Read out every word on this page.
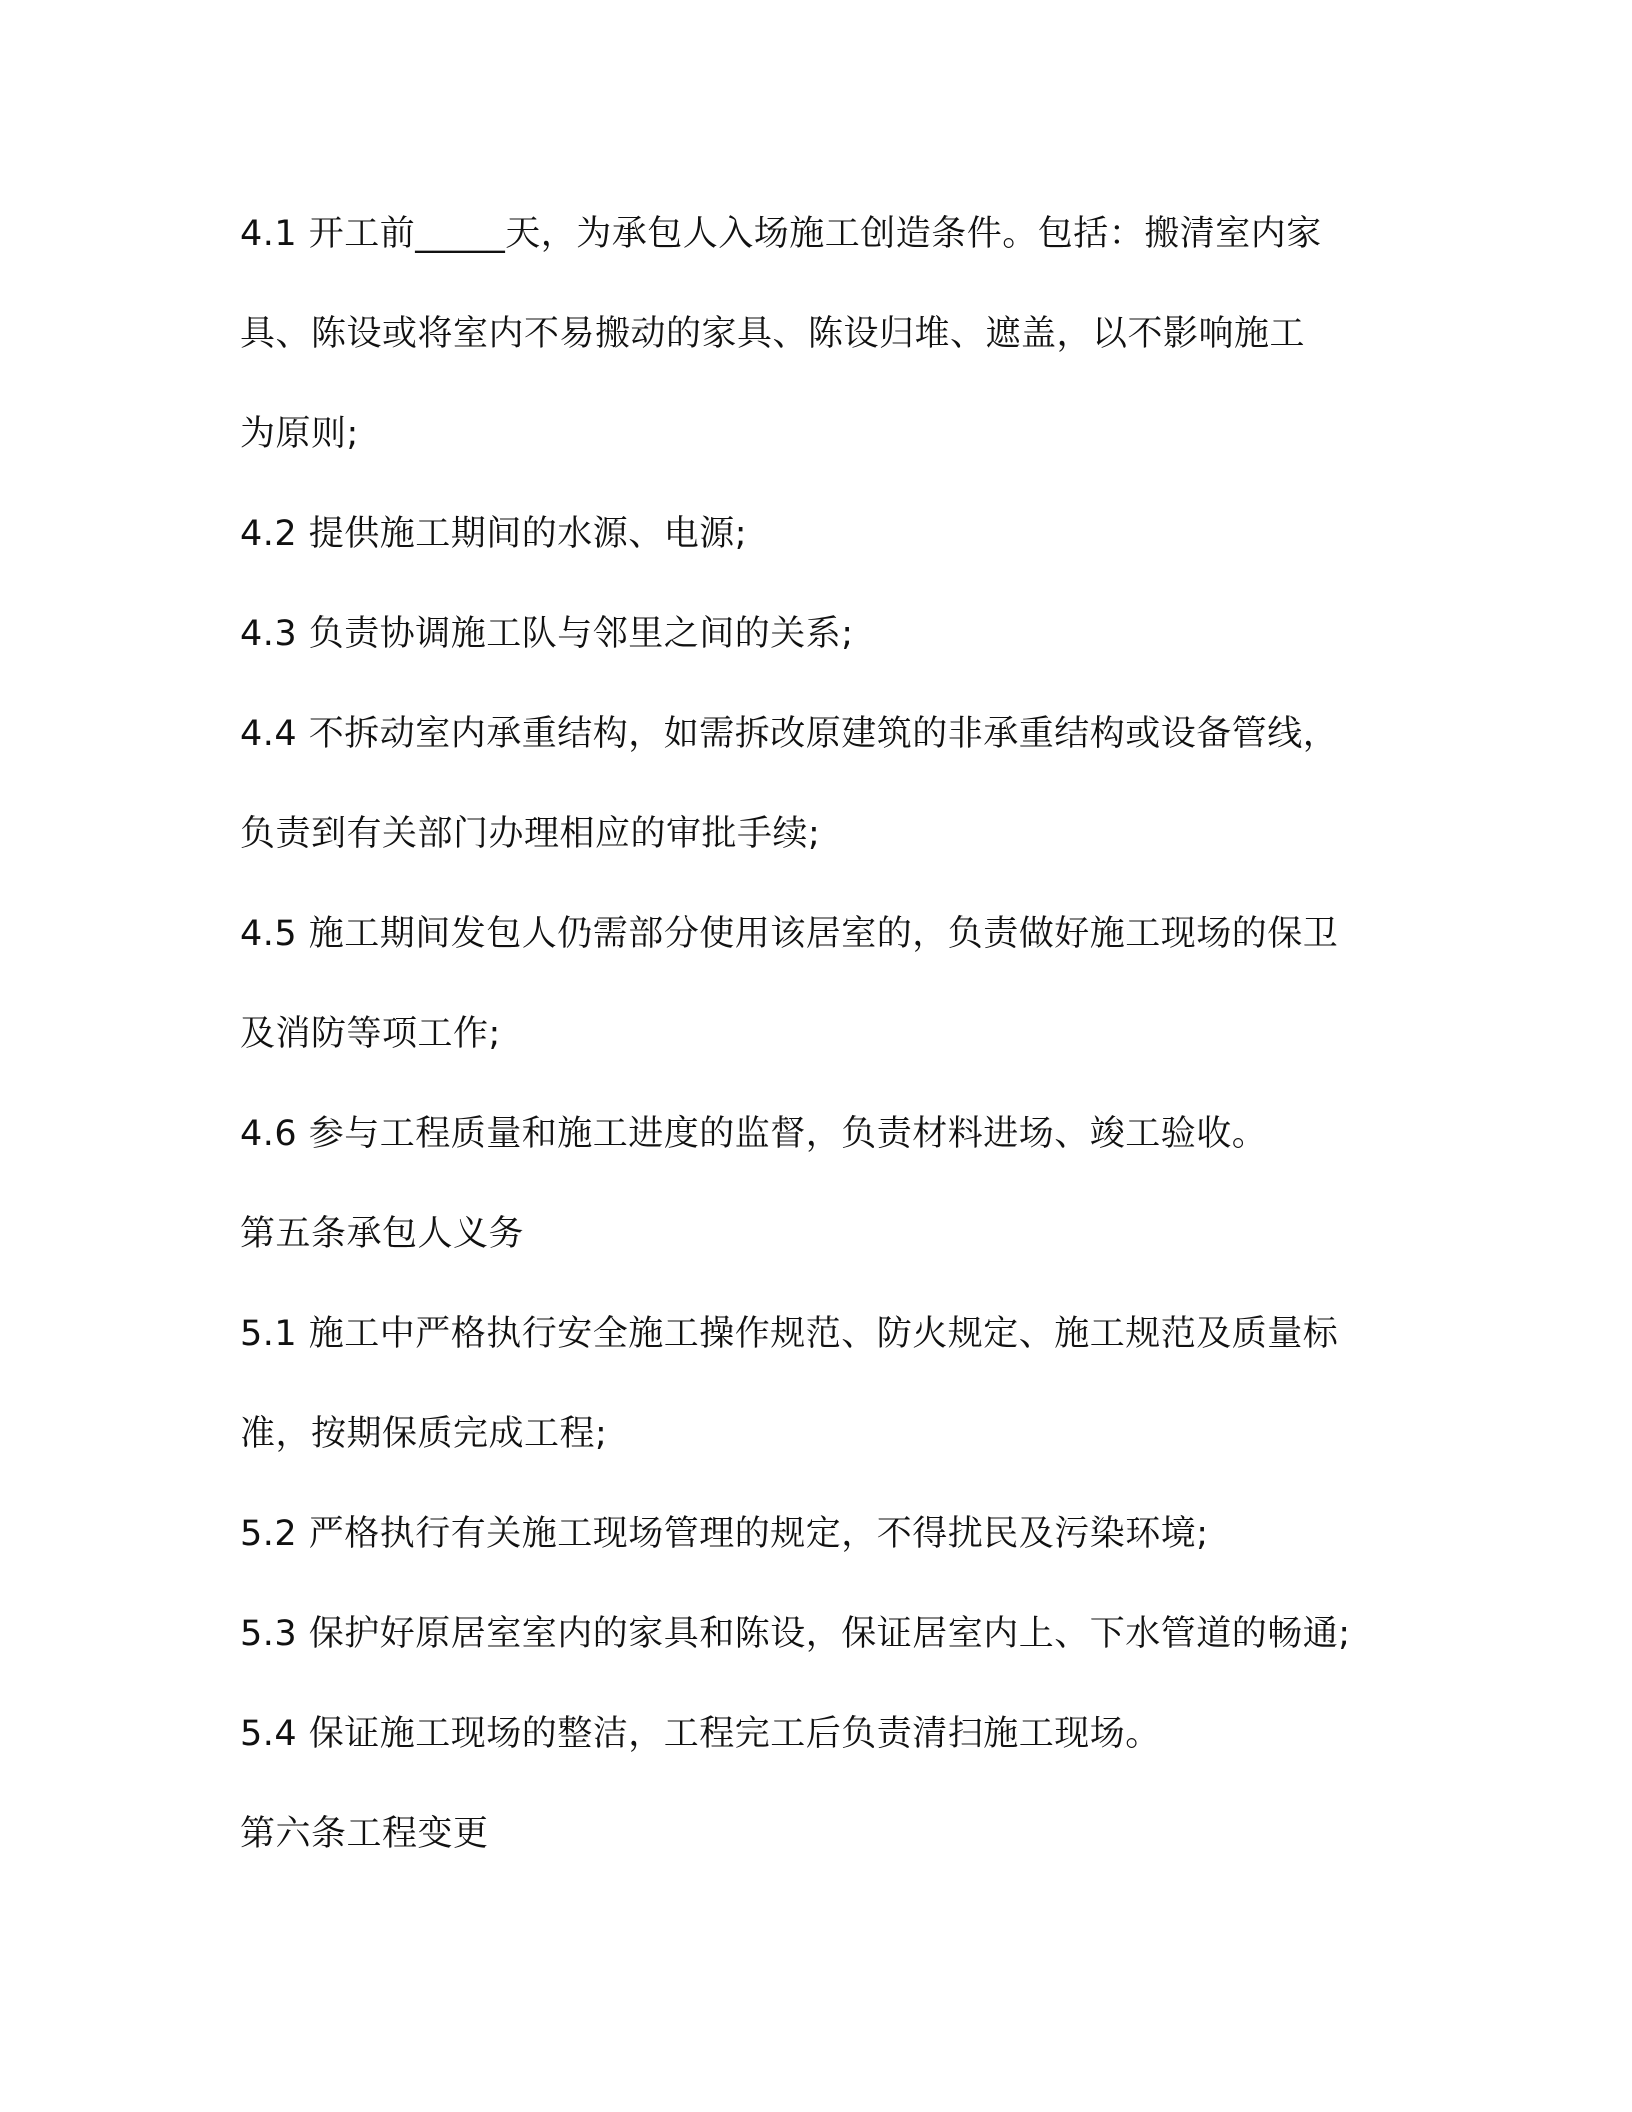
4.1 开工前_____天，为承包人入场施工创造条件。包括：搬清室内家
具、陈设或将室内不易搬动的家具、陈设归堆、遮盖，以不影响施工
为原则;
4.2 提供施工期间的水源、电源;
4.3 负责协调施工队与邻里之间的关系;
4.4 不拆动室内承重结构，如需拆改原建筑的非承重结构或设备管线，
负责到有关部门办理相应的审批手续;
4.5 施工期间发包人仍需部分使用该居室的，负责做好施工现场的保卫
及消防等项工作;
4.6 参与工程质量和施工进度的监督，负责材料进场、竣工验收。
第五条承包人义务
5.1 施工中严格执行安全施工操作规范、防火规定、施工规范及质量标
准，按期保质完成工程;
5.2 严格执行有关施工现场管理的规定，不得扰民及污染环境;
5.3 保护好原居室室内的家具和陈设，保证居室内上、下水管道的畅通;
5.4 保证施工现场的整洁，工程完工后负责清扫施工现场。
第六条工程变更
